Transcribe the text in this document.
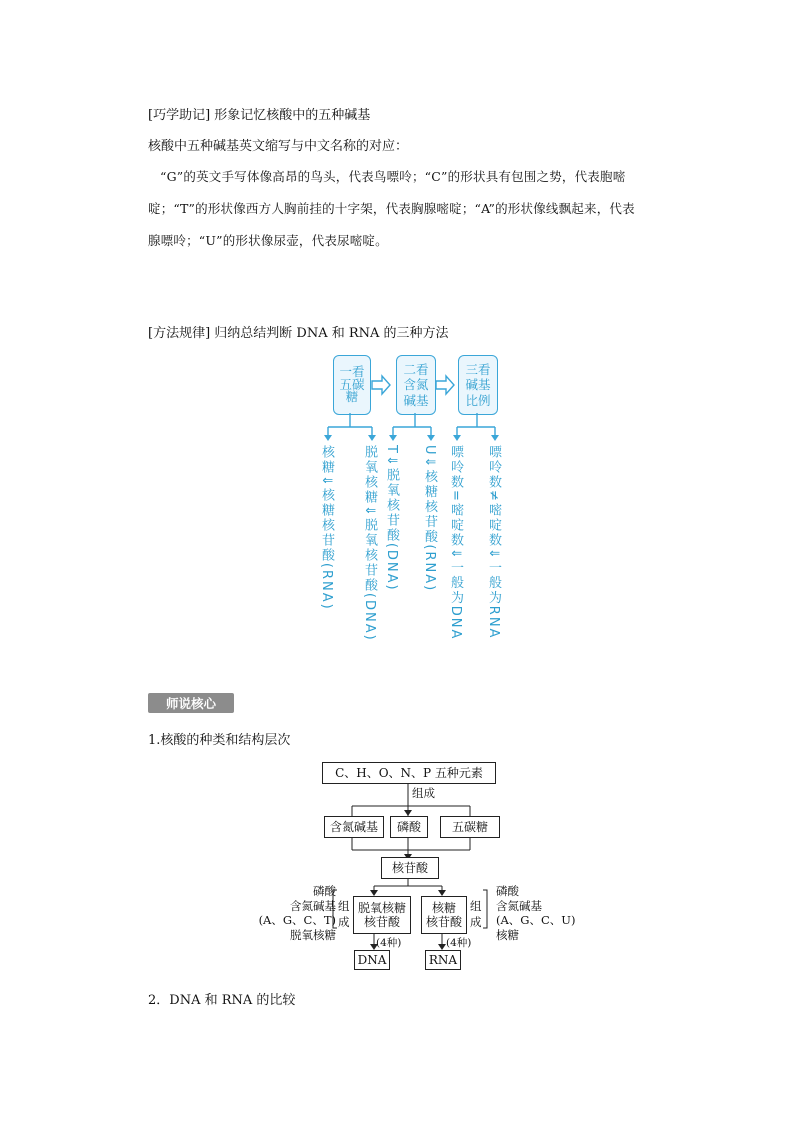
[巧学助记] 形象记忆核酸中的五种碱基
核酸中五种碱基英文缩写与中文名称的对应：
“G”的英文手写体像高昂的鸟头，代表鸟嘌呤；“C”的形状具有包围之势，代表胞嘧
啶；“T”的形状像西方人胸前挂的十字架，代表胸腺嘧啶；“A”的形状像线飘起来，代表
腺嘌呤；“U”的形状像尿壶，代表尿嘧啶。
[方法规律] 归纳总结判断 DNA 和 RNA 的三种方法
一看五碳糖
二看含氮碱基
三看碱基比例
核糖⇓核糖核苷酸(RNA) 脱氧核糖⇓脱氧核苷酸(DNA) T⇓脱氧核苷酸(DNA) U⇓核糖核苷酸(RNA) 嘌呤数=嘧啶数⇓一般为DNA 嘌呤数≠嘧啶数⇓一般为RNA
师说核心
1.核酸的种类和结构层次
C、H、O、N、P 五种元素
组成
含氮碱基	磷酸	五碳糖
核苷酸
脱氧核糖
核苷酸
核糖
核苷酸
组成
组成
磷酸
含氮碱基
(A、G、C、T)
脱氧核糖
磷酸
含氮碱基
(A、G、C、U)
核糖
(4种)	(4种)
DNA	RNA
2．DNA 和 RNA 的比较
